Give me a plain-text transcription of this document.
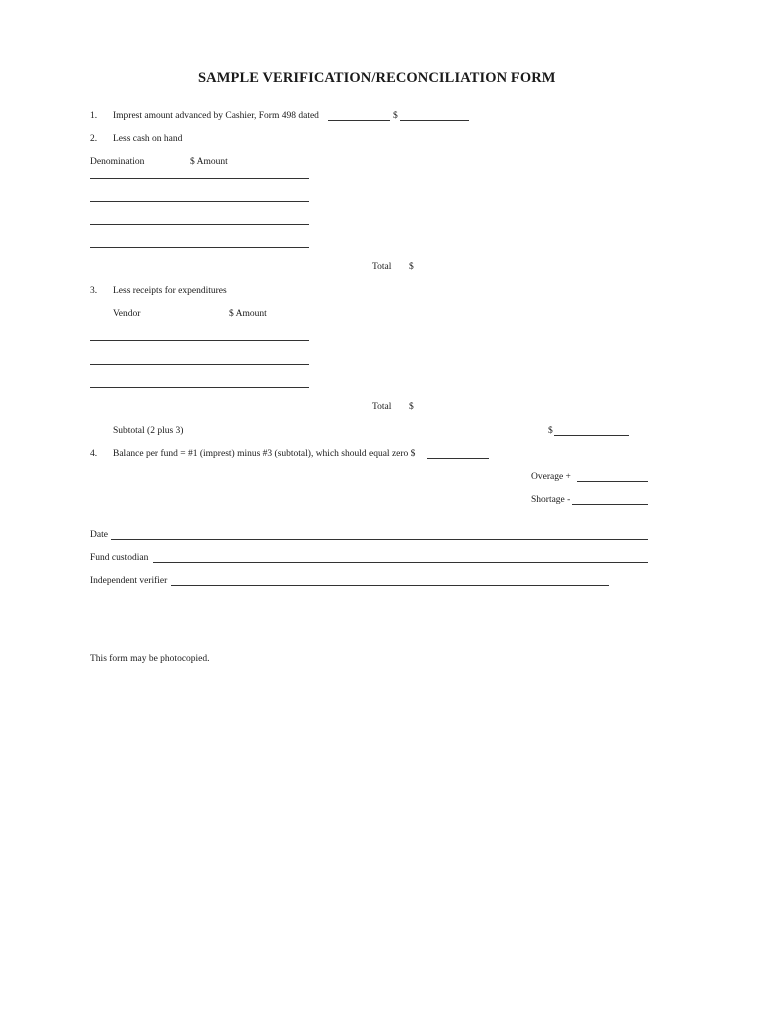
SAMPLE VERIFICATION/RECONCILIATION FORM
1. Imprest amount advanced by Cashier, Form 498 dated	$
2. Less cash on hand
Denomination	$ Amount
Total $
3. Less receipts for expenditures
Vendor	$ Amount
Total $
Subtotal (2 plus 3)	$
4. Balance per fund = #1 (imprest) minus #3 (subtotal), which should equal zero $
Overage +
Shortage -
Date
Fund custodian
Independent verifier
This form may be photocopied.
